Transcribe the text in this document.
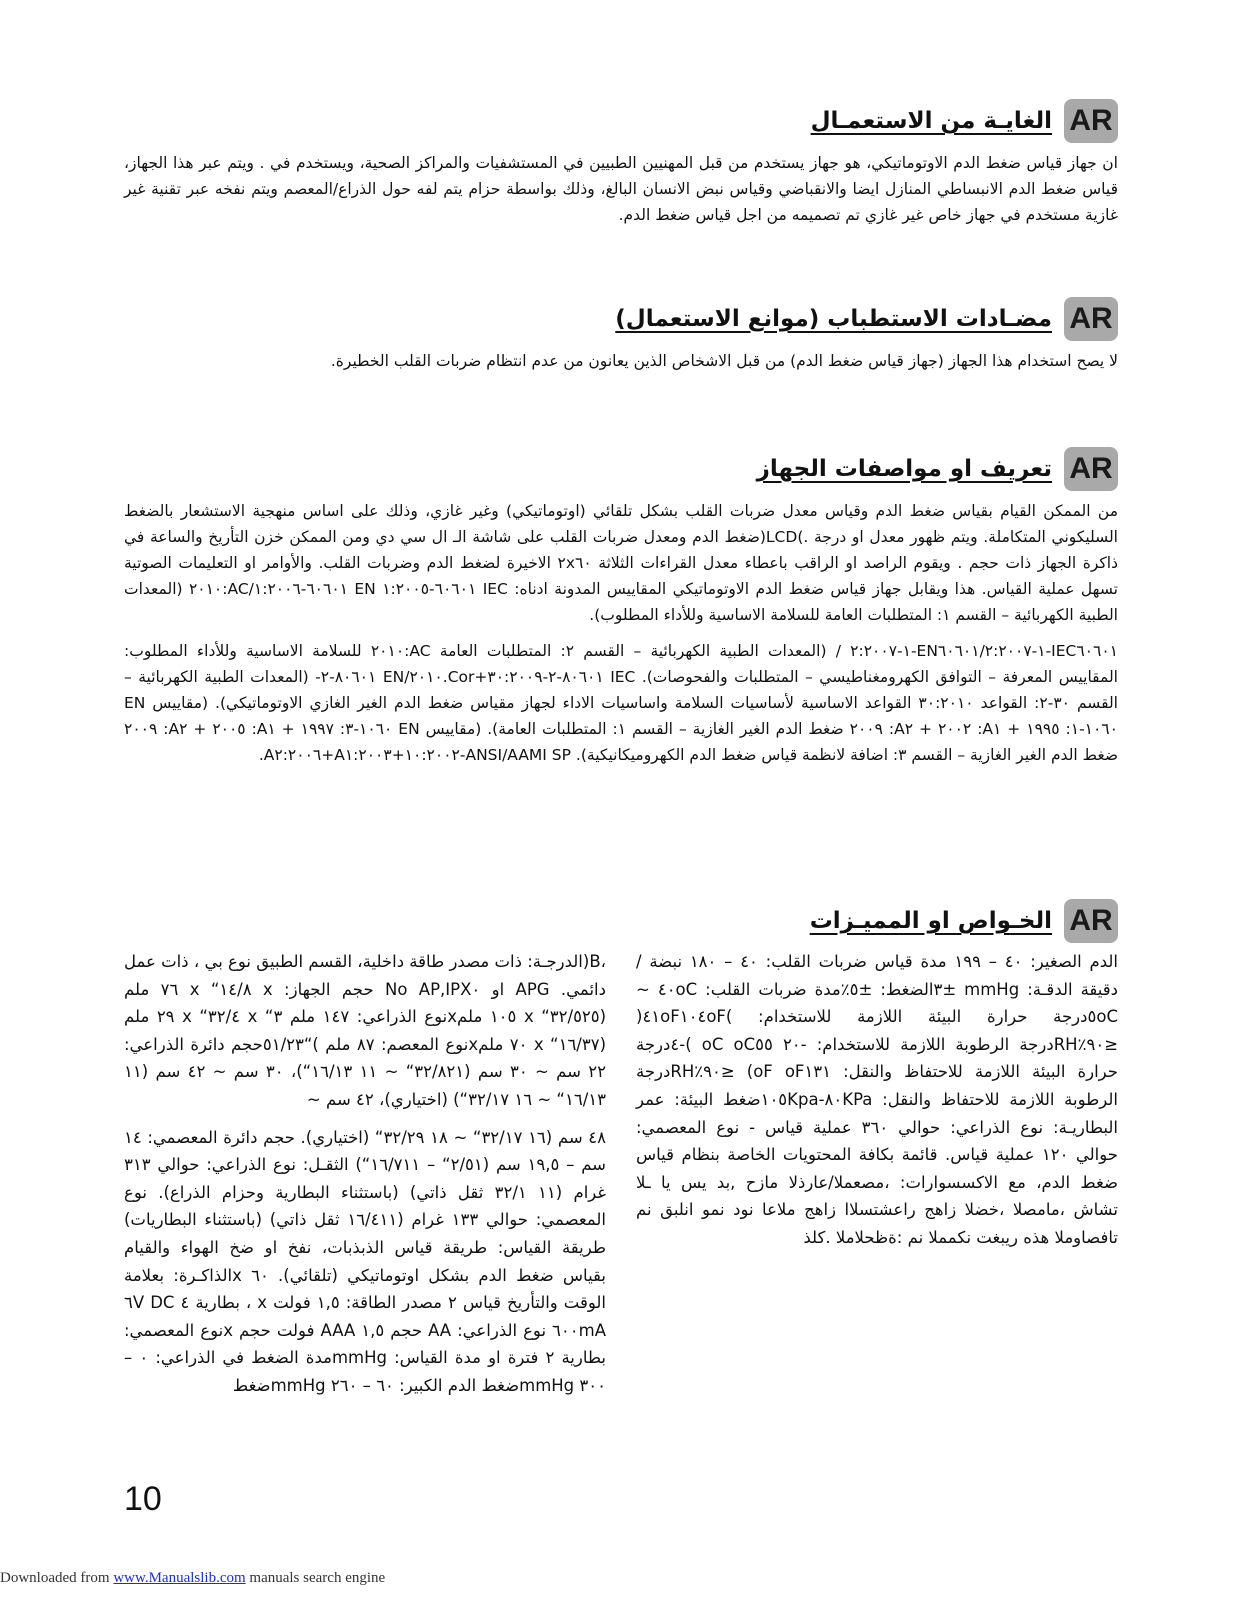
AR
الغايـة من الاستعمـال

ان جهاز قياس ضغط الدم الاوتوماتيكي، هو جهاز يستخدم من قبل المهنيين الطبيين في المستشفيات والمراكز الصحية، ويستخدم في . ويتم عبر هذا الجهاز، قياس ضغط الدم الانبساطي المنازل ايضا والانقباضي وقياس نبض الانسان البالغ، وذلك بواسطة حزام يتم لفه حول الذراع/المعصم ويتم نفخه عبر تقنية غير غازية مستخدم في جهاز خاص غير غازي تم تصميمه من اجل قياس ضغط الدم.

AR
مضـادات الاستطباب (موانع الاستعمال)

لا يصح استخدام هذا الجهاز (جهاز قياس ضغط الدم) من قبل الاشخاص الذين يعانون من عدم انتظام ضربات القلب الخطيرة.

AR
تعريف او مواصفات الجهاز

من الممكن القيام بقياس ضغط الدم وقياس معدل ضربات القلب بشكل تلقائي (اوتوماتيكي) وغير غازي، وذلك على اساس منهجية الاستشعار بالضغط السليكوني المتكاملة. ويتم ظهور معدل او درجة .)LCD(ضغط الدم ومعدل ضربات القلب على شاشة الـ ال سي دي ومن الممكن خزن التأريخ والساعة في ذاكرة الجهاز ذات حجم . ويقوم الراصد او الراقب باعطاء معدل القراءات الثلاثة ٢x٦٠ الاخيرة لضغط الدم وضربات القلب. والأوامر او التعليمات الصوتية تسهل عملية القياس. هذا ويقابل جهاز قياس ضغط الدم الاوتوماتيكي المقاييس المدونة ادناه: IEC ٦٠٦٠١-١:٢٠٠٥ EN ٦٠٦٠١-١:٢٠٠٦/AC:٢٠١٠ (المعدات الطبية الكهربائية – القسم ١: المتطلبات العامة للسلامة الاساسية وللأداء المطلوب).

IEC٦٠٦٠١-١-٢:٢٠٠٧/EN٦٠٦٠١-١-٢:٢٠٠٧ / (المعدات الطبية الكهربائية – القسم ٢: المتطلبات العامة AC:٢٠١٠ للسلامة الاساسية وللأداء المطلوب: المقاييس المعرفة – التوافق الكهرومغناطيسي – المتطلبات والفحوصات). IEC ٨٠٦٠١-٢-٣٠:٢٠٠٩+Cor.٢٠١٠/EN ٨٠٦٠١-٢- (المعدات الطبية الكهربائية – القسم ٣٠-٢: القواعد ٣٠:٢٠١٠ القواعد الاساسية لأساسيات السلامة واساسيات الاداء لجهاز مقياس ضغط الدم الغير الغازي الاوتوماتيكي). (مقاييس EN ١٠٦٠-١: ١٩٩٥ + A١: ٢٠٠٢ + A٢: ٢٠٠٩ ضغط الدم الغير الغازية – القسم ١: المتطلبات العامة). (مقاييس EN ١٠٦٠-٣: ١٩٩٧ + A١: ٢٠٠٥ + A٢: ٢٠٠٩ ضغط الدم الغير الغازية – القسم ٣: اضافة لانظمة قياس ضغط الدم الكهروميكانيكية). ANSI/AAMI SP-١٠:٢٠٠٢+A١:٢٠٠٣+A٢:٢٠٠٦.

AR
الخـواص او المميـزات

الدم الصغير: ٤٠ – ١٩٩ مدة قياس ضربات القلب: ٤٠ – ١٨٠ نبضة / دقيقة الدقـة: mmHg ±٣الضغط: ±٥٪مدة ضربات القلب: ٤٠oC ~ ٥oCدرجة حرارة البيئة اللازمة للاستخدام: )٤١oF١٠٤oF( ≤٩٠٪RHدرجة الرطوبة اللازمة للاستخدام: -٢٠ oC oC٥٥ )-٤درجة حرارة البيئة اللازمة للاحتفاظ والنقل: oF oF١٣١) ≤٩٠٪RHدرجة الرطوبة اللازمة للاحتفاظ والنقل: ٨٠KPa-١٠٥Kpaضغط البيئة: عمر البطاريـة: نوع الذراعي: حوالي ٣٦٠ عملية قياس - نوع المعصمي: حوالي ١٢٠ عملية قياس. قائمة بكافة المحتويات الخاصة بنظام قياس ضغط الدم، مع الاكسسوارات: ،مصعملا/عارذلا مازح ,بد يس يا ـلا تشاش ،مامصلا ،خضلا زاهج راعشتسلاا زاهج ملاعا نود نمو انلبق نم تافصاوملا هذه ريبغت نكمملا نم :ةظحلاملا .كلذ

،B(الدرجـة: ذات مصدر طاقة داخلية، القسم الطبيق نوع بي ، ذات عمل دائمي. APG او No AP,IPX٠ حجم الجهاز: x ١٤/٨“ x ٧٦ ملم (٣٢/٥٢٥“ x ١٠٥ ملمxنوع الذراعي: ١٤٧ ملم ٣“ x ٣٢/٤“ x ٢٩ ملم (١٦/٣٧“ x ٧٠ ملمxنوع المعصم: ٨٧ ملم )“٥١/٢٣حجم دائرة الذراعي: ٢٢ سم ~ ٣٠ سم (٣٢/٨٢١“ ~ ١١ ١٦/١٣“)، ٣٠ سم ~ ٤٢ سم (١١ ١٦/١٣“ ~ ١٦ ٣٢/١٧“) (اختياري)، ٤٢ سم ~

٤٨ سم (١٦ ٣٢/١٧“ ~ ١٨ ٣٢/٢٩“ (اختياري). حجم دائرة المعصمي: ١٤ سم – ١٩,٥ سم (٢/٥١“ – ١٦/٧١١“) الثقـل: نوع الذراعي: حوالي ٣١٣ غرام (١١ ٣٢/١ ثقل ذاتي) (باستثناء البطارية وحزام الذراع). نوع المعصمي: حوالي ١٣٣ غرام (١٦/٤١١ ثقل ذاتي) (باستثناء البطاريات) طريقة القياس: طريقة قياس الذبذبات، نفخ او ضخ الهواء والقيام بقياس ضغط الدم بشكل اوتوماتيكي (تلقائي). ٦٠ xالذاكـرة: بعلامة الوقت والتأريخ قياس ٢ مصدر الطاقة: ١,٥ فولت x ، بطارية ٤ DC ٦V ٦٠٠mA نوع الذراعي: AA حجم ١,٥ AAA فولت حجم xنوع المعصمي: بطارية ٢ فترة او مدة القياس: mmHgمدة الضغط في الذراعي: ٠ – ٣٠٠ mmHgضغط الدم الكبير: ٦٠ – ٢٦٠ mmHgضغط

10
Downloaded from www.Manualslib.com manuals search engine
